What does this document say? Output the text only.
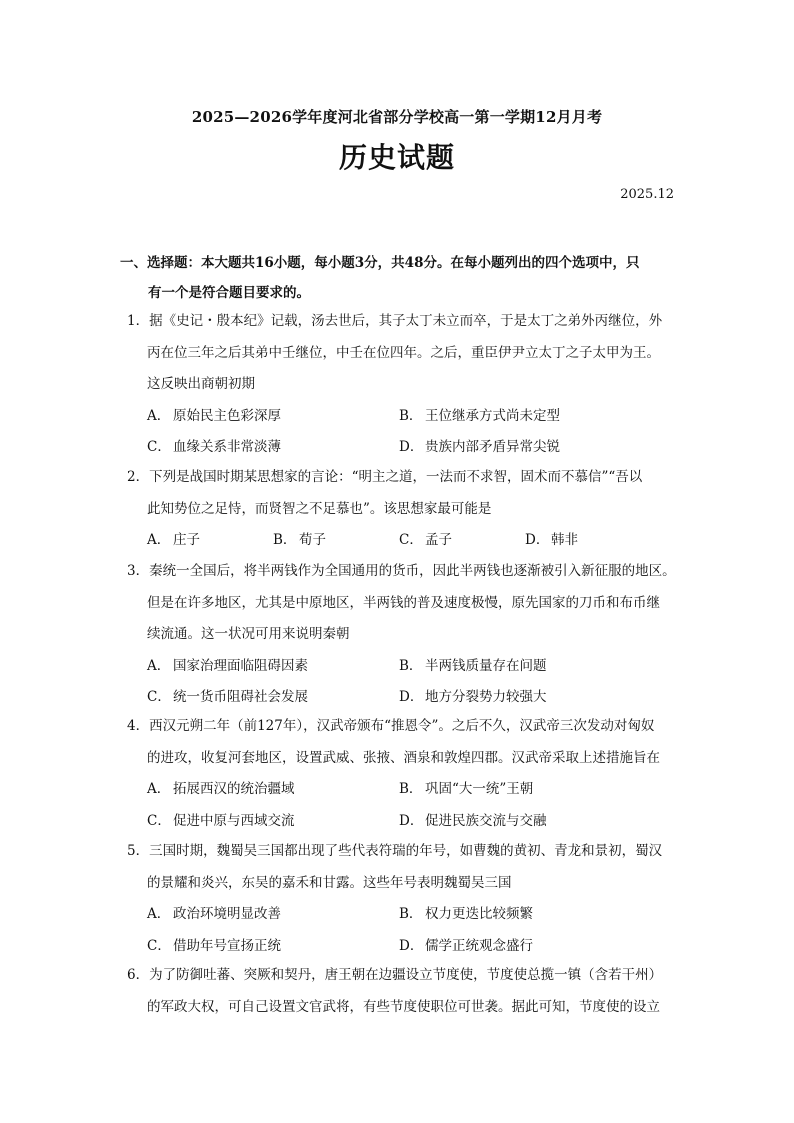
2025—2026学年度河北省部分学校高一第一学期12月月考
历史试题
2025.12
一、选择题：本大题共16小题，每小题3分，共48分。在每小题列出的四个选项中，只
有一个是符合题目要求的。
1．据《史记・殷本纪》记载，汤去世后，其子太丁未立而卒，于是太丁之弟外丙继位，外
丙在位三年之后其弟中壬继位，中壬在位四年。之后，重臣伊尹立太丁之子太甲为王。
这反映出商朝初期
A． 原始民主色彩深厚	B． 王位继承方式尚未定型
C． 血缘关系非常淡薄	D． 贵族内部矛盾异常尖锐
2．下列是战国时期某思想家的言论：“明主之道，一法而不求智，固术而不慕信”“吾以
此知势位之足恃，而贤智之不足慕也”。该思想家最可能是
A． 庄子	B． 荀子	C． 孟子	D． 韩非
3．秦统一全国后，将半两钱作为全国通用的货币，因此半两钱也逐渐被引入新征服的地区。
但是在许多地区，尤其是中原地区，半两钱的普及速度极慢，原先国家的刀币和布币继
续流通。这一状况可用来说明秦朝
A． 国家治理面临阻碍因素	B． 半两钱质量存在问题
C． 统一货币阻碍社会发展	D． 地方分裂势力较强大
4．西汉元朔二年（前127年），汉武帝颁布“推恩令”。之后不久，汉武帝三次发动对匈奴
的进攻，收复河套地区，设置武威、张掖、酒泉和敦煌四郡。汉武帝采取上述措施旨在
A． 拓展西汉的统治疆域	B． 巩固“大一统”王朝
C． 促进中原与西域交流	D． 促进民族交流与交融
5．三国时期，魏蜀吴三国都出现了些代表符瑞的年号，如曹魏的黄初、青龙和景初，蜀汉
的景耀和炎兴，东吴的嘉禾和甘露。这些年号表明魏蜀吴三国
A． 政治环境明显改善	B． 权力更迭比较频繁
C． 借助年号宣扬正统	D． 儒学正统观念盛行
6．为了防御吐蕃、突厥和契丹，唐王朝在边疆设立节度使，节度使总揽一镇（含若干州）
的军政大权，可自己设置文官武将，有些节度使职位可世袭。据此可知，节度使的设立
